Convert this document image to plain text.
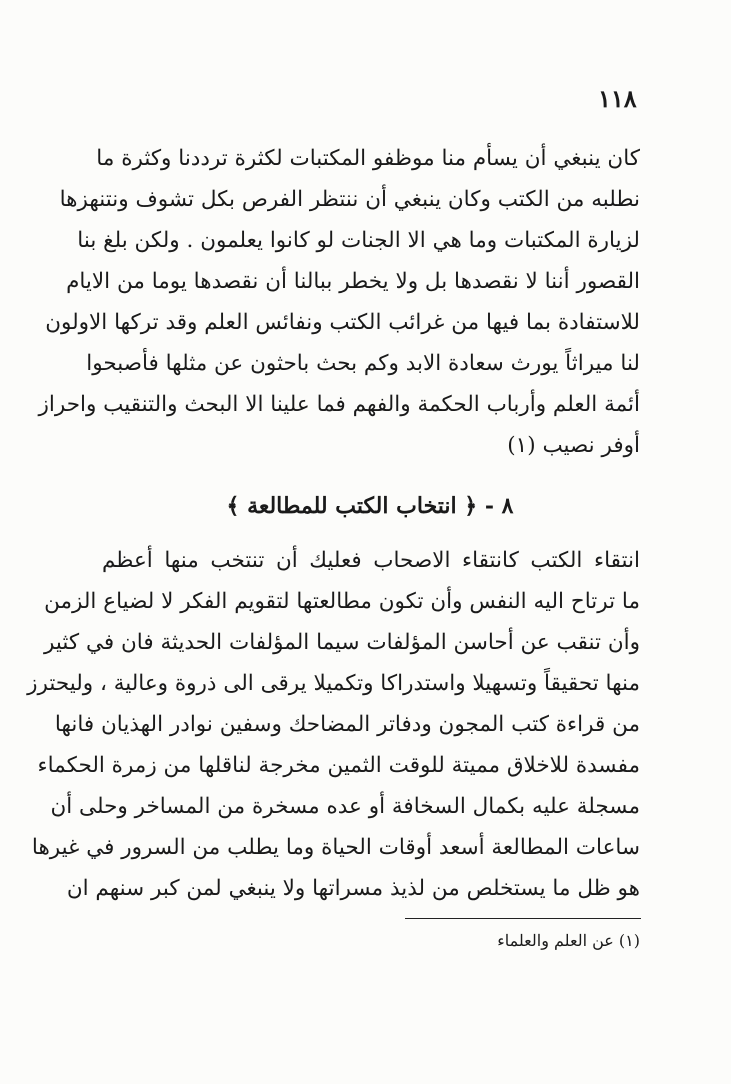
١١٨
كان ينبغي أن يسأم منا موظفو المكتبات لكثرة ترددنا وكثرة ما
نطلبه من الكتب وكان ينبغي أن ننتظر الفرص بكل تشوف ونتنهزها
لزيارة المكتبات وما هي الا الجنات لو كانوا يعلمون . ولكن بلغ بنا
القصور أننا لا نقصدها بل ولا يخطر ببالنا أن نقصدها يوما من الايام
للاستفادة بما فيها من غرائب الكتب ونفائس العلم وقد تركها الاولون
لنا ميراثاً يورث سعادة الابد وكم بحث باحثون عن مثلها فأصبحوا
أئمة العلم وأرباب الحكمة والفهم فما علينا الا البحث والتنقيب واحراز
أوفر نصيب (١)
٨ - ﴿ انتخاب الكتب للمطالعة ﴾
انتقاء الكتب كانتقاء الاصحاب فعليك أن تنتخب منها أعظم
ما ترتاح اليه النفس وأن تكون مطالعتها لتقويم الفكر لا لضياع الزمن
وأن تنقب عن أحاسن المؤلفات سيما المؤلفات الحديثة فان في كثير
منها تحقيقاً وتسهيلا واستدراكا وتكميلا يرقى الى ذروة وعالية ، وليحترز
من قراءة كتب المجون ودفاتر المضاحك وسفين نوادر الهذيان فانها
مفسدة للاخلاق مميتة للوقت الثمين مخرجة لناقلها من زمرة الحكماء
مسجلة عليه بكمال السخافة أو عده مسخرة من المساخر وحلى أن
ساعات المطالعة أسعد أوقات الحياة وما يطلب من السرور في غيرها
هو ظل ما يستخلص من لذيذ مسراتها ولا ينبغي لمن كبر سنهم ان
(١) عن العلم والعلماء
